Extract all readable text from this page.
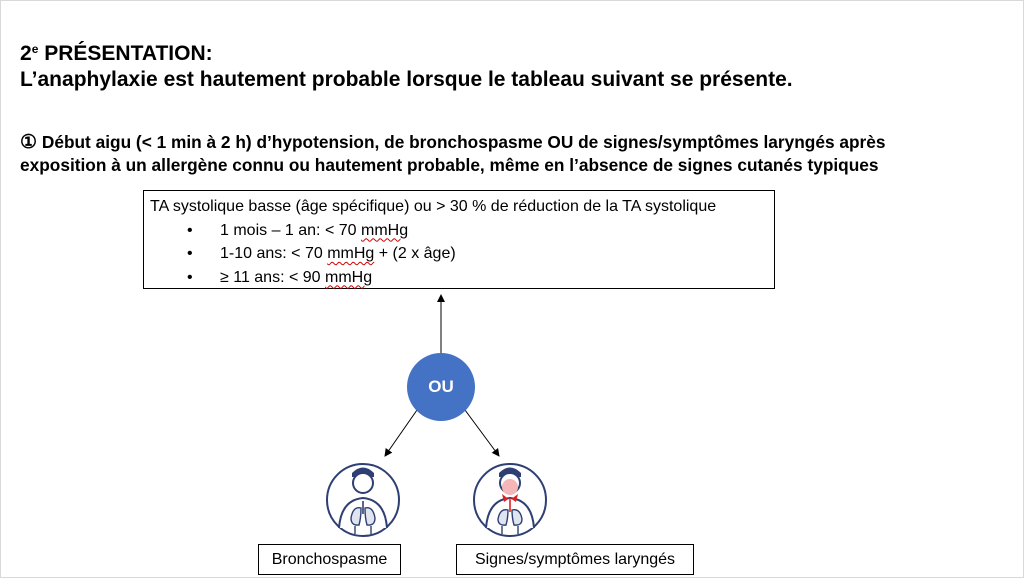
2e PRÉSENTATION:
L’anaphylaxie est hautement probable lorsque le tableau suivant se présente.
① Début aigu (< 1 min à 2 h) d’hypotension, de bronchospasme OU de signes/symptômes laryngés après
exposition à un allergène connu ou hautement probable, même en l’absence de signes cutanés typiques
TA systolique basse (âge spécifique) ou > 30 % de réduction de la TA systolique
• 1 mois – 1 an: < 70 mmHg
• 1-10 ans: < 70 mmHg + (2 x âge)
• ≥ 11 ans: < 90 mmHg
OU
Bronchospasme	Signes/symptômes laryngés
